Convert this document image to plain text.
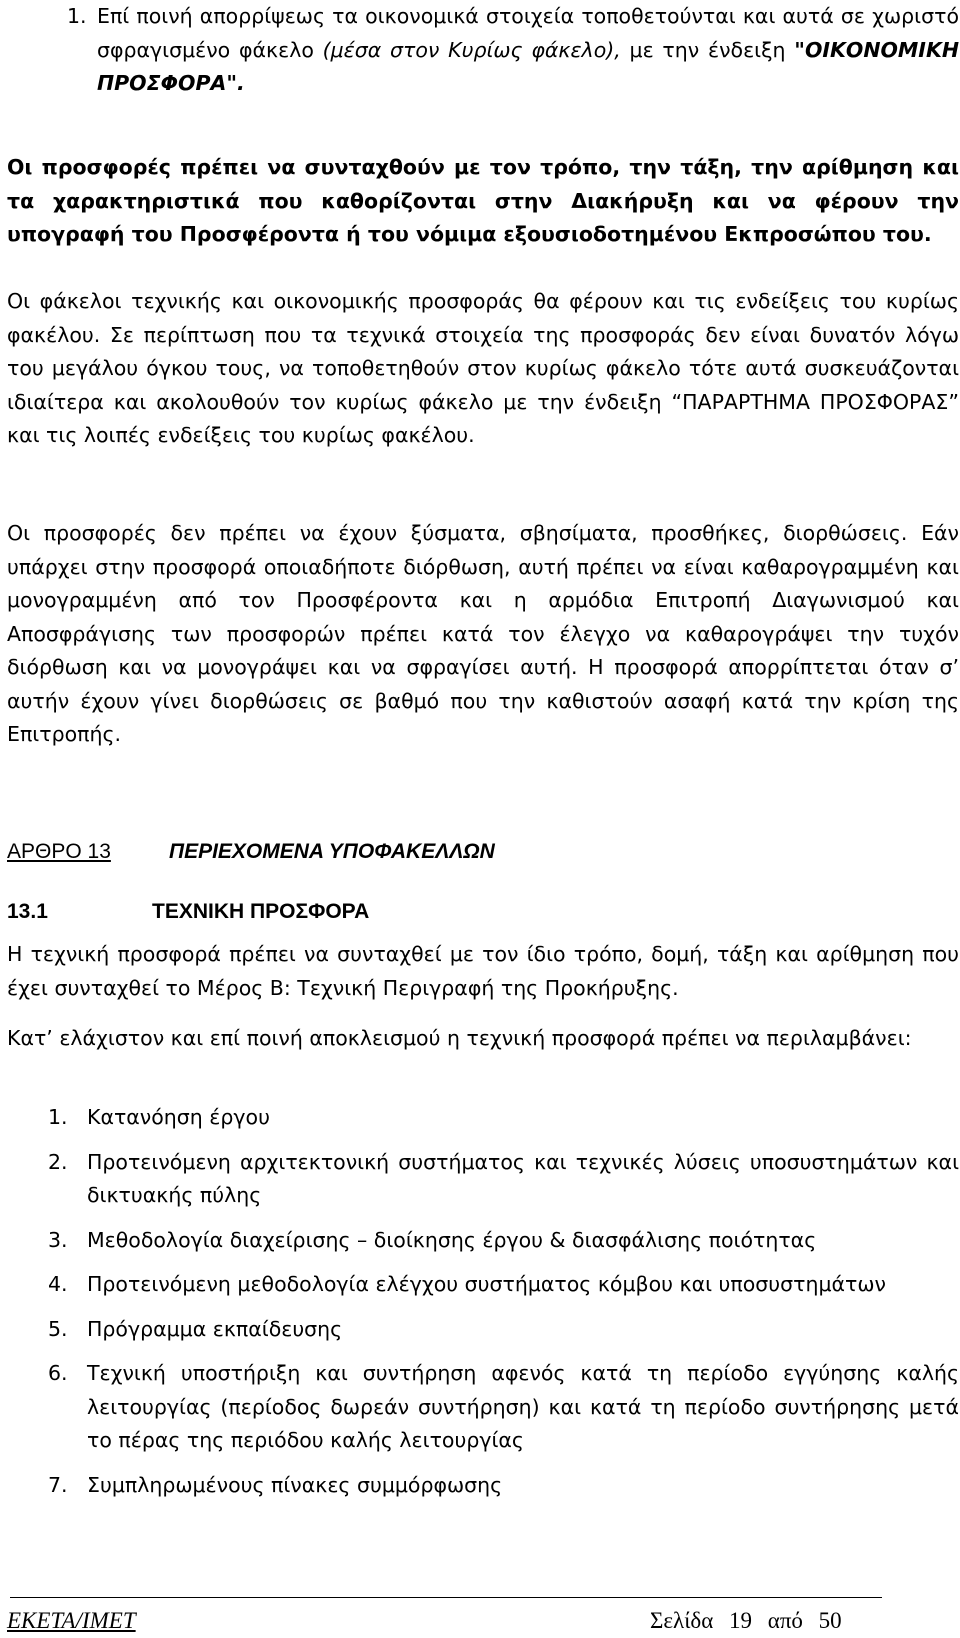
1. Επί ποινή απορρίψεως τα οικονομικά στοιχεία τοποθετούνται και αυτά σε χωριστό σφραγισμένο φάκελο (μέσα στον Κυρίως φάκελο), με την ένδειξη "ΟΙΚΟΝΟΜΙΚΗ ΠΡΟΣΦΟΡΑ".

Οι προσφορές πρέπει να συνταχθούν με τον τρόπο, την τάξη, την αρίθμηση και τα χαρακτηριστικά που καθορίζονται στην Διακήρυξη και να φέρουν την υπογραφή του Προσφέροντα ή του νόμιμα εξουσιοδοτημένου Εκπροσώπου του.

Οι φάκελοι τεχνικής και οικονομικής προσφοράς θα φέρουν και τις ενδείξεις του κυρίως φακέλου. Σε περίπτωση που τα τεχνικά στοιχεία της προσφοράς δεν είναι δυνατόν λόγω του μεγάλου όγκου τους, να τοποθετηθούν στον κυρίως φάκελο τότε αυτά συσκευάζονται ιδιαίτερα και ακολουθούν τον κυρίως φάκελο με την ένδειξη “ΠΑΡΑΡΤΗΜΑ ΠΡΟΣΦΟΡΑΣ” και τις λοιπές ενδείξεις του κυρίως φακέλου.

Οι προσφορές δεν πρέπει να έχουν ξύσματα, σβησίματα, προσθήκες, διορθώσεις. Εάν υπάρχει στην προσφορά οποιαδήποτε διόρθωση, αυτή πρέπει να είναι καθαρογραμμένη και μονογραμμένη από τον Προσφέροντα και η αρμόδια Επιτροπή Διαγωνισμού και Αποσφράγισης των προσφορών πρέπει κατά τον έλεγχο να καθαρογράψει την τυχόν διόρθωση και να μονογράψει και να σφραγίσει αυτή. Η προσφορά απορρίπτεται όταν σ’ αυτήν έχουν γίνει διορθώσεις σε βαθμό που την καθιστούν ασαφή κατά την κρίση της Επιτροπής.

ΑΡΘΡΟ 13	ΠΕΡΙΕΧΟΜΕΝΑ ΥΠΟΦΑΚΕΛΛΩΝ
13.1	ΤΕΧΝΙΚΗ ΠΡΟΣΦΟΡΑ

Η τεχνική προσφορά πρέπει να συνταχθεί με τον ίδιο τρόπο, δομή, τάξη και αρίθμηση που έχει συνταχθεί το Μέρος Β: Τεχνική Περιγραφή της Προκήρυξης.

Κατ’ ελάχιστον και επί ποινή αποκλεισμού η τεχνική προσφορά πρέπει να περιλαμβάνει:

1. Κατανόηση έργου
2. Προτεινόμενη αρχιτεκτονική συστήματος και τεχνικές λύσεις υποσυστημάτων και δικτυακής πύλης
3. Μεθοδολογία διαχείρισης – διοίκησης έργου & διασφάλισης ποιότητας
4. Προτεινόμενη μεθοδολογία ελέγχου συστήματος κόμβου και υποσυστημάτων
5. Πρόγραμμα εκπαίδευσης
6. Τεχνική υποστήριξη και συντήρηση αφενός κατά τη περίοδο εγγύησης καλής λειτουργίας (περίοδος δωρεάν συντήρηση) και κατά τη περίοδο συντήρησης μετά το πέρας της περιόδου καλής λειτουργίας
7. Συμπληρωμένους πίνακες συμμόρφωσης
ΕΚΕΤΑ/ΙΜΕΤ	Σελίδα 19 από 50
